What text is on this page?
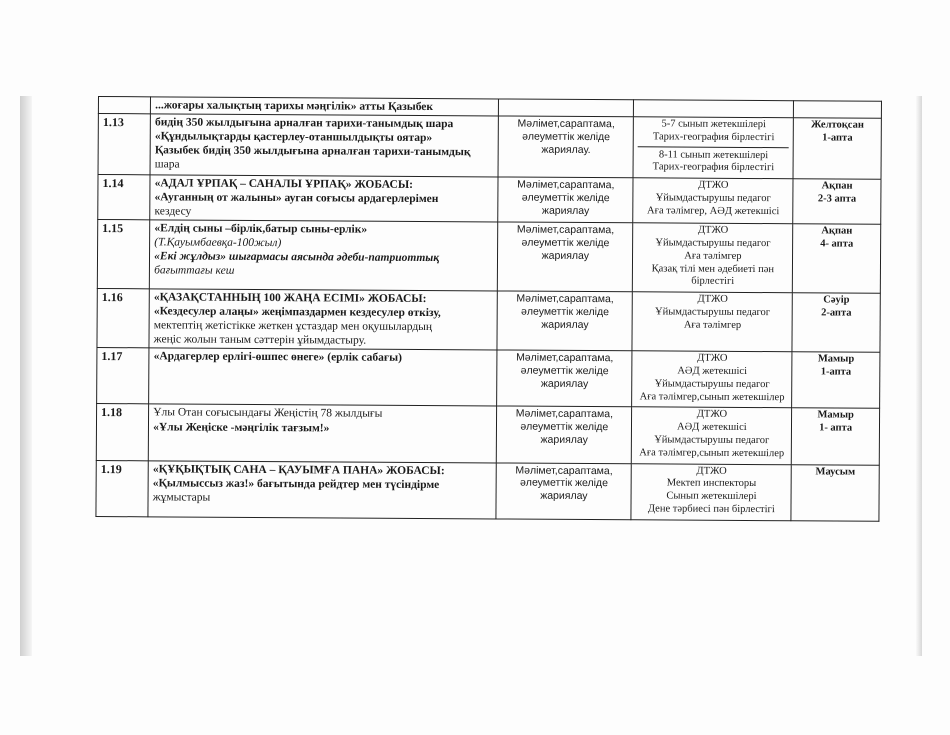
	...жоғары халықтың тарихы мәңгілік» атты Қазыбек			

1.13	бидің 350 жылдығына арналған тарихи-танымдық шара
«Құндылықтарды қастерлеу-отаншылдықты оятар»
Қазыбек бидің 350 жылдығына арналған тарихи-танымдық
шара	Мәлімет,сараптама, әлеуметтік желіде жариялау.	5-7 сынып жетекшілері
Тарих-география бірлестігі
8-11 сынып жетекшілері
Тарих-география бірлестігі	Желтоқсан
1-апта

1.14	«АДАЛ ҰРПАҚ – САНАЛЫ ҰРПАҚ» ЖОБАСЫ:
«Ауганның от жалыны» ауган соғысы ардагерлерімен
кездесу	Мәлімет,сараптама, әлеуметтік желіде жариялау	ДТЖО
Ұйымдастырушы педагог
Аға тәлімгер, АӘД жетекшісі	Ақпан
2-3 апта

1.15	«Елдің сыны –бірлік,батыр сыны-ерлік»
(Т.Қауымбаевқа-100жыл)
«Екі жұлдыз» шығармасы аясында әдеби-патриоттық
бағыттағы кеш	Мәлімет,сараптама, әлеуметтік желіде жариялау	ДТЖО
Ұйымдастырушы педагог
Аға тәлімгер
Қазақ тілі мен әдебиеті пән бірлестігі	Ақпан
4- апта

1.16	«ҚАЗАҚСТАННЫҢ 100 ЖАҢА ЕСІМІ» ЖОБАСЫ:
«Кездесулер алаңы» жеңімпаздармен кездесулер өткізу,
мектептің жетістікке жеткен ұстаздар мен оқушылардың
жеңіс жолын таным сәттерін ұйымдастыру.	Мәлімет,сараптама, әлеуметтік желіде жариялау	ДТЖО
Ұйымдастырушы педагог
Аға тәлімгер	Сәуір
2-апта

1.17	«Ардагерлер ерлігі-өшпес өнеге» (ерлік сабағы)	Мәлімет,сараптама, әлеуметтік желіде жариялау	ДТЖО
АӘД жетекшісі
Ұйымдастырушы педагог
Аға тәлімгер,сынып жетекшілер	Мамыр
1-апта

1.18	Ұлы Отан соғысындағы Жеңістің 78 жылдығы
«Ұлы Жеңіске -мәңгілік тағзым!»	Мәлімет,сараптама, әлеуметтік желіде жариялау	ДТЖО
АӘД жетекшісі
Ұйымдастырушы педагог
Аға тәлімгер,сынып жетекшілер	Мамыр
1- апта

1.19	«ҚҰҚЫҚТЫҚ САНА – ҚАУЫМҒА ПАНА» ЖОБАСЫ:
«Қылмыссыз жаз!» бағытында рейдтер мен түсіндірме
жұмыстары	Мәлімет,сараптама, әлеуметтік желіде жариялау	ДТЖО
Мектеп инспекторы
Сынып жетекшілері
Дене тәрбиесі пән бірлестігі	Маусым
